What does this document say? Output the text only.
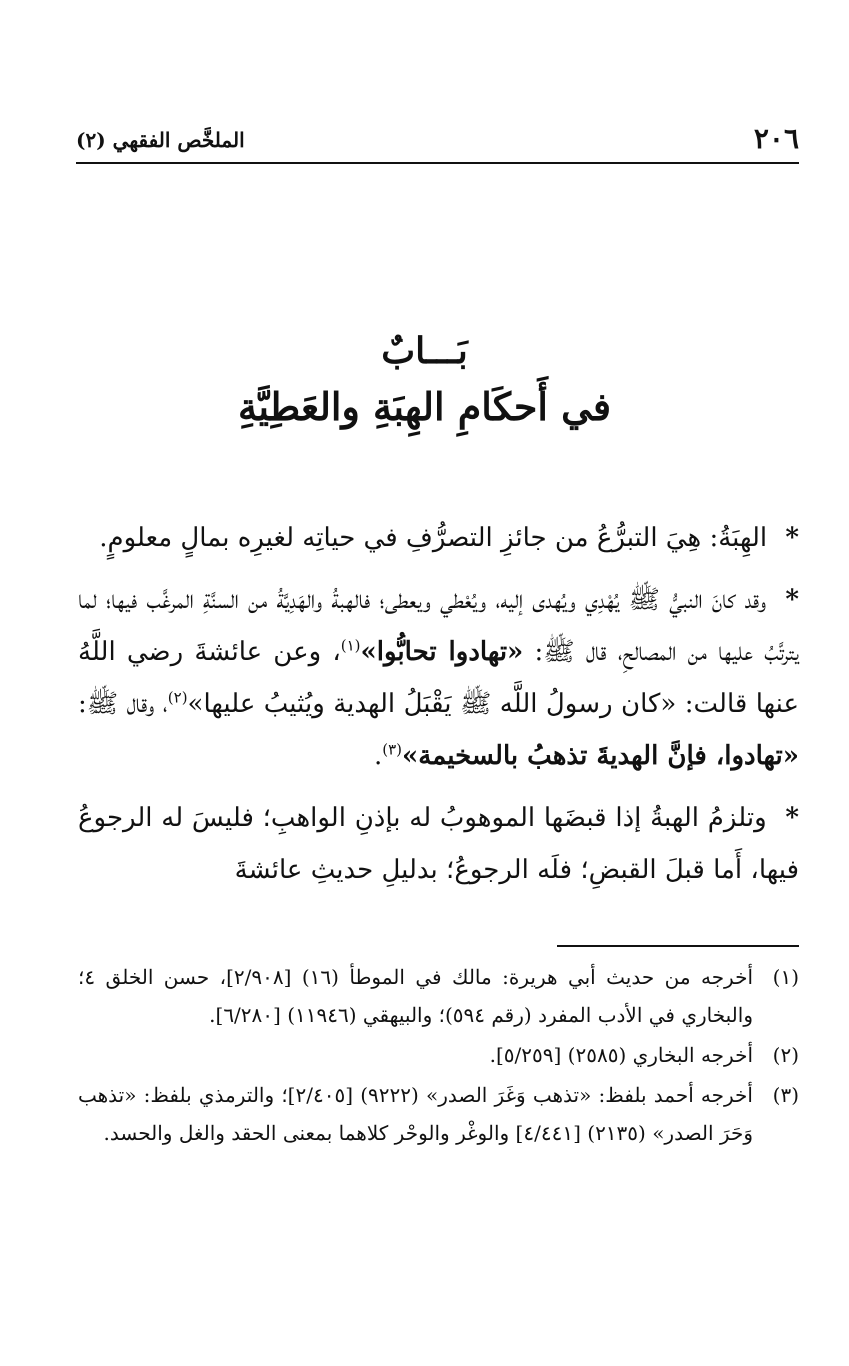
٢٠٦
الملخَّص الفقهي (٢)
بَـــابٌ
في أَحكَامِ الهِبَةِ والعَطِيَّةِ

* الهِبَةُ: هِيَ التبرُّعُ من جائزِ التصرُّفِ في حياتِه لغيرِه بمالٍ معلومٍ.

* وقد كانَ النبيُّ ﷺ يُهْدِي ويُهدى إليه، ويُعْطي ويعطى؛ فالهبةُ والهَدِيَّةُ من السنَّةِ المرغَّب فيها؛ لما يترتَّبُ عليها من المصالحِ، قال ﷺ: «تهادوا تحابُّوا»$^{(١)}$، وعن عائشةَ رضي اللَّهُ عنها قالت: «كان رسولُ اللَّه ﷺ يَقْبَلُ الهدية ويُثيبُ عليها»$^{(٢)}$، وقال ﷺ: «تهادوا، فإنَّ الهديةَ تذهبُ بالسخيمة»$^{(٣)}$.

* وتلزمُ الهبةُ إذا قبضَها الموهوبُ له بإذنِ الواهبِ؛ فليسَ له الرجوعُ فيها، أَما قبلَ القبضِ؛ فلَه الرجوعُ؛ بدليلِ حديثِ عائشةَ

(١)
أخرجه من حديث أبي هريرة: مالك في الموطأ (١٦) [٢/٩٠٨]، حسن الخلق ٤؛ والبخاري في الأدب المفرد (رقم ٥٩٤)؛ والبيهقي (١١٩٤٦) [٦/٢٨٠].
(٢)
أخرجه البخاري (٢٥٨٥) [٥/٢٥٩].
(٣)
أخرجه أحمد بلفظ: «تذهب وَغَرَ الصدر» (٩٢٢٢) [٢/٤٠٥]؛ والترمذي بلفظ: «تذهب وَحَرَ الصدر» (٢١٣٥) [٤/٤٤١] والوغْر والوحْر كلاهما بمعنى الحقد والغل والحسد.
